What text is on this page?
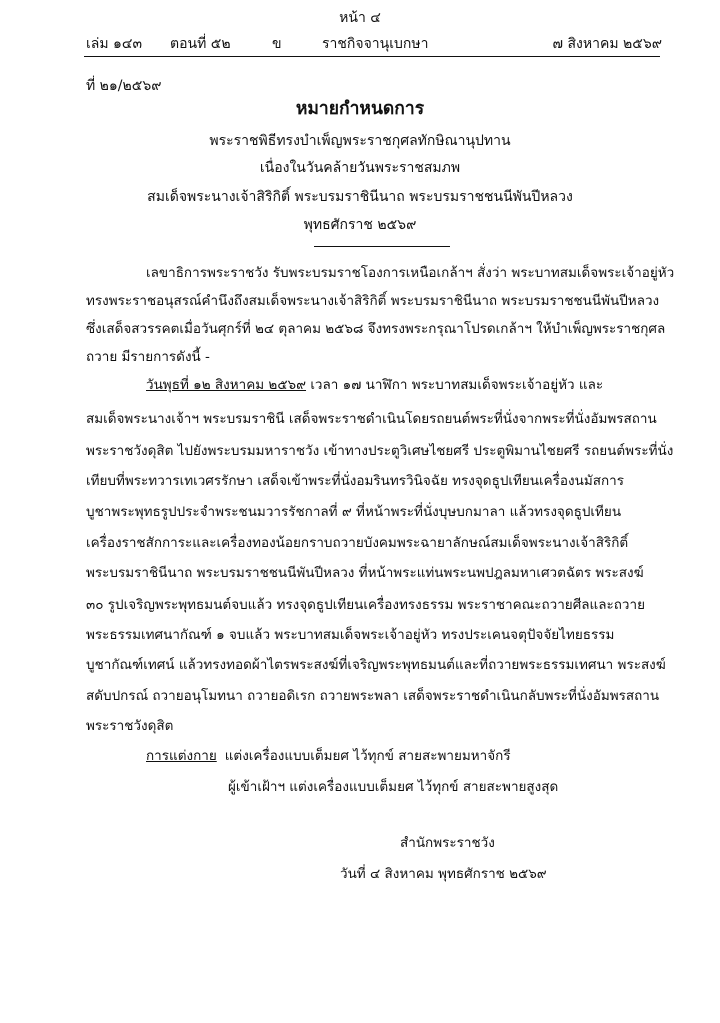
หน้า ๔
เล่ม ๑๔๓ ตอนที่ ๕๒	ข	ราชกิจจานุเบกษา	๗ สิงหาคม ๒๕๖๙
ที่ ๒๑/๒๕๖๙
หมายกำหนดการ
พระราชพิธีทรงบำเพ็ญพระราชกุศลทักษิณานุปทาน
เนื่องในวันคล้ายวันพระราชสมภพ
สมเด็จพระนางเจ้าสิริกิติ์ พระบรมราชินีนาถ พระบรมราชชนนีพันปีหลวง
พุทธศักราช ๒๕๖๙
เลขาธิการพระราชวัง รับพระบรมราชโองการเหนือเกล้าฯ สั่งว่า พระบาทสมเด็จพระเจ้าอยู่หัว
ทรงพระราชอนุสรณ์คำนึงถึงสมเด็จพระนางเจ้าสิริกิติ์ พระบรมราชินีนาถ พระบรมราชชนนีพันปีหลวง
ซึ่งเสด็จสวรรคตเมื่อวันศุกร์ที่ ๒๔ ตุลาคม ๒๕๖๘ จึงทรงพระกรุณาโปรดเกล้าฯ ให้บำเพ็ญพระราชกุศล
ถวาย มีรายการดังนี้ -
วันพุธที่ ๑๒ สิงหาคม ๒๕๖๙ เวลา ๑๗ นาฬิกา พระบาทสมเด็จพระเจ้าอยู่หัว และ
สมเด็จพระนางเจ้าฯ พระบรมราชินี เสด็จพระราชดำเนินโดยรถยนต์พระที่นั่งจากพระที่นั่งอัมพรสถาน
พระราชวังดุสิต ไปยังพระบรมมหาราชวัง เข้าทางประตูวิเศษไชยศรี ประตูพิมานไชยศรี รถยนต์พระที่นั่ง
เทียบที่พระทวารเทเวศรรักษา เสด็จเข้าพระที่นั่งอมรินทรวินิจฉัย ทรงจุดธูปเทียนเครื่องนมัสการ
บูชาพระพุทธรูปประจำพระชนมวารรัชกาลที่ ๙ ที่หน้าพระที่นั่งบุษบกมาลา แล้วทรงจุดธูปเทียน
เครื่องราชสักการะและเครื่องทองน้อยกราบถวายบังคมพระฉายาลักษณ์สมเด็จพระนางเจ้าสิริกิติ์
พระบรมราชินีนาถ พระบรมราชชนนีพันปีหลวง ที่หน้าพระแท่นพระนพปฎลมหาเศวตฉัตร พระสงฆ์
๓๐ รูปเจริญพระพุทธมนต์จบแล้ว ทรงจุดธูปเทียนเครื่องทรงธรรม พระราชาคณะถวายศีลและถวาย
พระธรรมเทศนากัณฑ์ ๑ จบแล้ว พระบาทสมเด็จพระเจ้าอยู่หัว ทรงประเคนจตุปัจจัยไทยธรรม
บูชากัณฑ์เทศน์ แล้วทรงทอดผ้าไตรพระสงฆ์ที่เจริญพระพุทธมนต์และที่ถวายพระธรรมเทศนา พระสงฆ์
สดับปกรณ์ ถวายอนุโมทนา ถวายอดิเรก ถวายพระพลา เสด็จพระราชดำเนินกลับพระที่นั่งอัมพรสถาน
พระราชวังดุสิต
การแต่งกาย แต่งเครื่องแบบเต็มยศ ไว้ทุกข์ สายสะพายมหาจักรี
ผู้เข้าเฝ้าฯ แต่งเครื่องแบบเต็มยศ ไว้ทุกข์ สายสะพายสูงสุด
สำนักพระราชวัง
วันที่ ๔ สิงหาคม พุทธศักราช ๒๕๖๙
